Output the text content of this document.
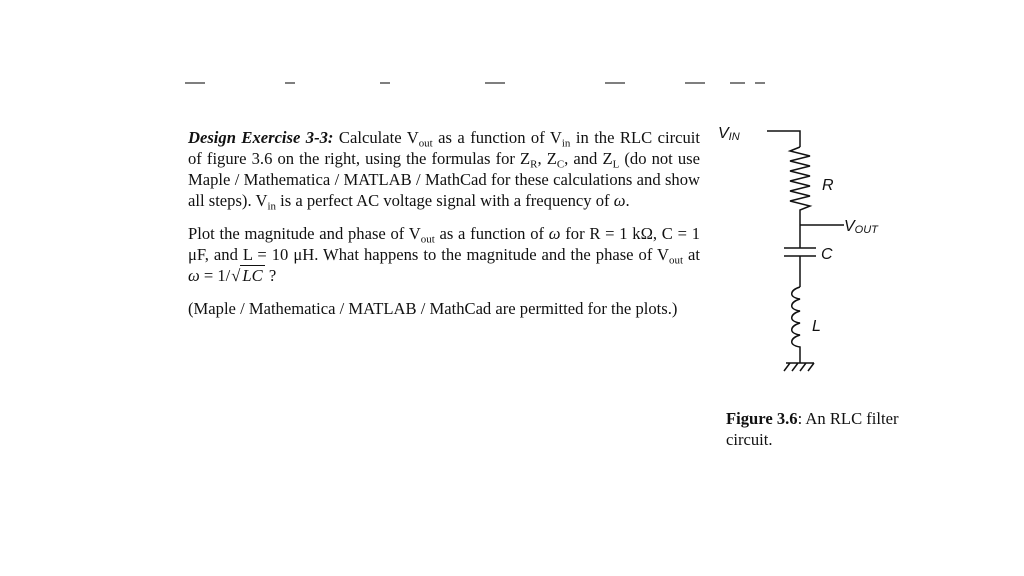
Design Exercise 3-3: Calculate $V_{out}$ as a function of $V_{in}$ in the RLC circuit of figure 3.6 on the right, using the formulas for $Z_R$, $Z_C$, and $Z_L$ (do not use Maple / Mathematica / MATLAB / MathCad for these calculations and show all steps). $V_{in}$ is a perfect AC voltage signal with a frequency of ω.

Plot the magnitude and phase of $V_{out}$ as a function of ω for R = 1 kΩ, C = 1 μF, and L = 10 μH. What happens to the magnitude and the phase of $V_{out}$ at ω = 1/√ LC ?

(Maple / Mathematica / MATLAB / MathCad are permitted for the plots.)

VIN
R
VOUT
C
L
Figure 3.6: An RLC filter circuit.
